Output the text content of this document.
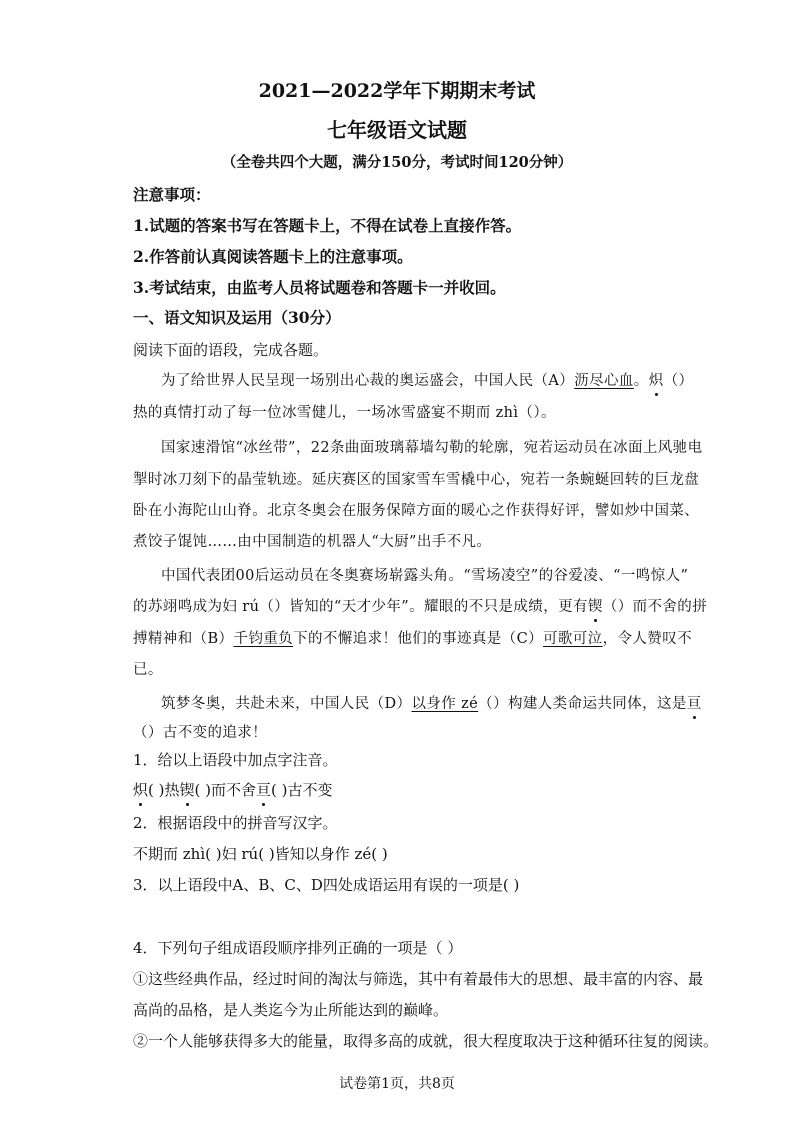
2021—2022学年下期期末考试
七年级语文试题
（全卷共四个大题，满分150分，考试时间120分钟）
注意事项：
1.试题的答案书写在答题卡上，不得在试卷上直接作答。
2.作答前认真阅读答题卡上的注意事项。
3.考试结束，由监考人员将试题卷和答题卡一并收回。
一、语文知识及运用（30分）
阅读下面的语段，完成各题。
为了给世界人民呈现一场别出心裁的奥运盛会，中国人民（A）沥尽心血。炽（）
热的真情打动了每一位冰雪健儿，一场冰雪盛宴不期而 zhì（）。
国家速滑馆“冰丝带”，22条曲面玻璃幕墙勾勒的轮廓，宛若运动员在冰面上风驰电
掣时冰刀刻下的晶莹轨迹。延庆赛区的国家雪车雪橇中心，宛若一条蜿蜒回转的巨龙盘
卧在小海陀山山脊。北京冬奥会在服务保障方面的暖心之作获得好评，譬如炒中国菜、
煮饺子馄饨……由中国制造的机器人“大厨”出手不凡。
中国代表团00后运动员在冬奥赛场崭露头角。“雪场凌空”的谷爱凌、“一鸣惊人”
的苏翊鸣成为妇 rú（）皆知的“天才少年”。耀眼的不只是成绩，更有锲（）而不舍的拼
搏精神和（B）千钧重负下的不懈追求！他们的事迹真是（C）可歌可泣，令人赞叹不
已。
筑梦冬奥，共赴未来，中国人民（D）以身作 zé（）构建人类命运共同体，这是亘
（）古不变的追求！
1．给以上语段中加点字注音。
炽( )热锲( )而不舍亘( )古不变
2．根据语段中的拼音写汉字。
不期而 zhì( )妇 rú( )皆知以身作 zé( )
3．以上语段中A、B、C、D四处成语运用有误的一项是( )
4．下列句子组成语段顺序排列正确的一项是（ ）
①这些经典作品，经过时间的淘汰与筛选，其中有着最伟大的思想、最丰富的内容、最
高尚的品格，是人类迄今为止所能达到的巅峰。
②一个人能够获得多大的能量，取得多高的成就，很大程度取决于这种循环往复的阅读。
试卷第1页，共8页
